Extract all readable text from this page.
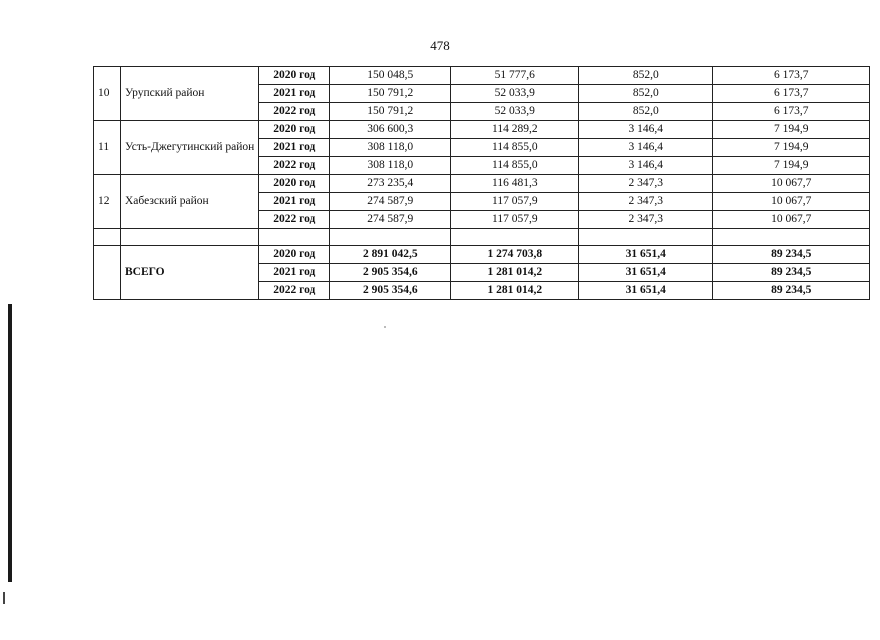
478
10	Урупский район	2020 год	150 048,5	51 777,6	852,0	6 173,7
		2021 год	150 791,2	52 033,9	852,0	6 173,7
		2022 год	150 791,2	52 033,9	852,0	6 173,7
11	Усть-Джегутинский район	2020 год	306 600,3	114 289,2	3 146,4	7 194,9
		2021 год	308 118,0	114 855,0	3 146,4	7 194,9
		2022 год	308 118,0	114 855,0	3 146,4	7 194,9
12	Хабезский район	2020 год	273 235,4	116 481,3	2 347,3	10 067,7
		2021 год	274 587,9	117 057,9	2 347,3	10 067,7
		2022 год	274 587,9	117 057,9	2 347,3	10 067,7

	ВСЕГО	2020 год	2 891 042,5	1 274 703,8	31 651,4	89 234,5
		2021 год	2 905 354,6	1 281 014,2	31 651,4	89 234,5
		2022 год	2 905 354,6	1 281 014,2	31 651,4	89 234,5
